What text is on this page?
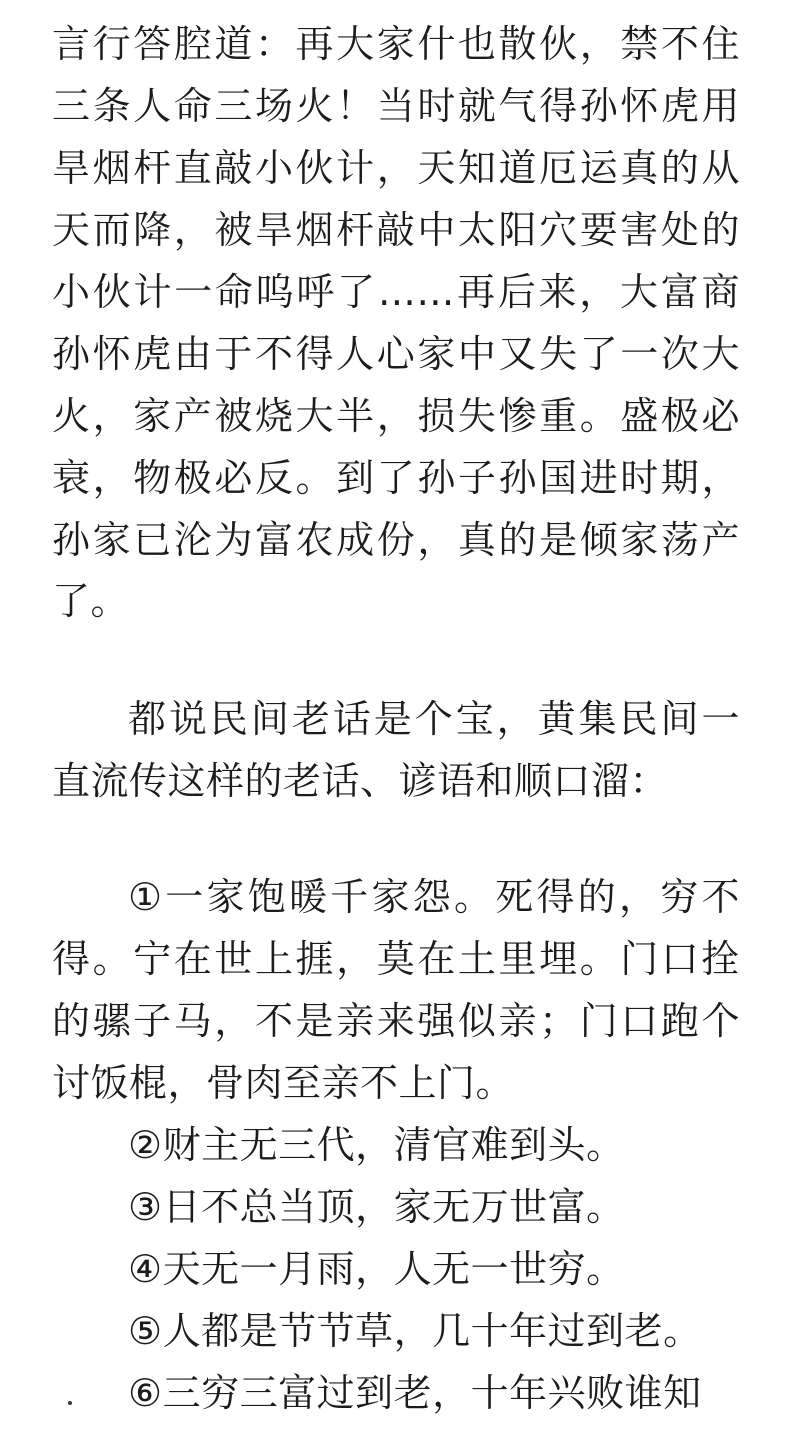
言行答腔道：再大家什也散伙，禁不住三条人命三场火！当时就气得孙怀虎用旱烟杆直敲小伙计，天知道厄运真的从天而降，被旱烟杆敲中太阳穴要害处的小伙计一命呜呼了……再后来，大富商孙怀虎由于不得人心家中又失了一次大火，家产被烧大半，损失惨重。盛极必衰，物极必反。到了孙子孙国进时期，孙家已沦为富农成份，真的是倾家荡产了。

都说民间老话是个宝，黄集民间一直流传这样的老话、谚语和顺口溜：

①一家饱暖千家怨。死得的，穷不得。宁在世上捱，莫在土里埋。门口拴的骡子马，不是亲来强似亲；门口跑个讨饭棍，骨肉至亲不上门。

②财主无三代，清官难到头。

③日不总当顶，家无万世富。

④天无一月雨，人无一世穷。

⑤人都是节节草，几十年过到老。

⑥三穷三富过到老，十年兴败谁知
